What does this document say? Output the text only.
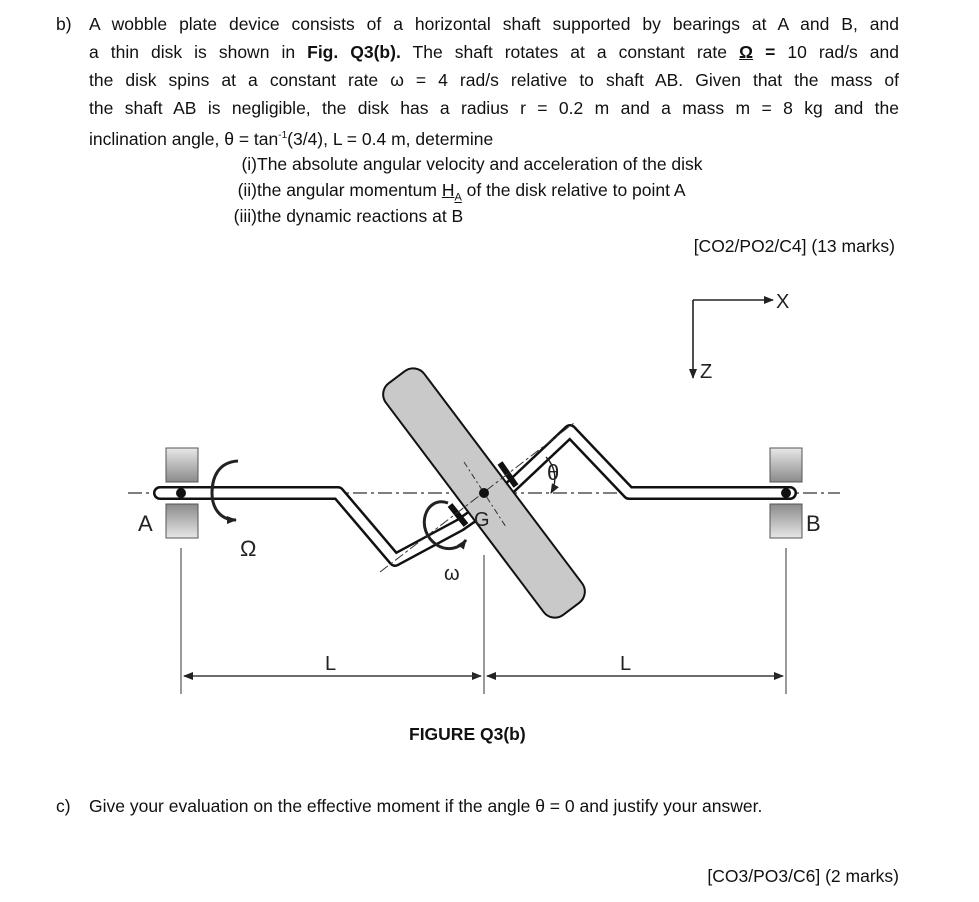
b) A wobble plate device consists of a horizontal shaft supported by bearings at A and B, and
a thin disk is shown in Fig. Q3(b). The shaft rotates at a constant rate Ω = 10 rad/s and
the disk spins at a constant rate ω = 4 rad/s relative to shaft AB. Given that the mass of
the shaft AB is negligible, the disk has a radius r = 0.2 m and a mass m = 8 kg and the
inclination angle, $\theta = \tan^{-1}(3/4)$, L = 0.4 m, determine
(i) The absolute angular velocity and acceleration of the disk
(ii) the angular momentum $H_A$ of the disk relative to point A
(iii) the dynamic reactions at B
[CO2/PO2/C4] (13 marks)
X
Z
G
θ
ω
A	B
Ω
L	L
FIGURE Q3(b)
c) Give your evaluation on the effective moment if the angle θ = 0 and justify your answer.
[CO3/PO3/C6] (2 marks)
